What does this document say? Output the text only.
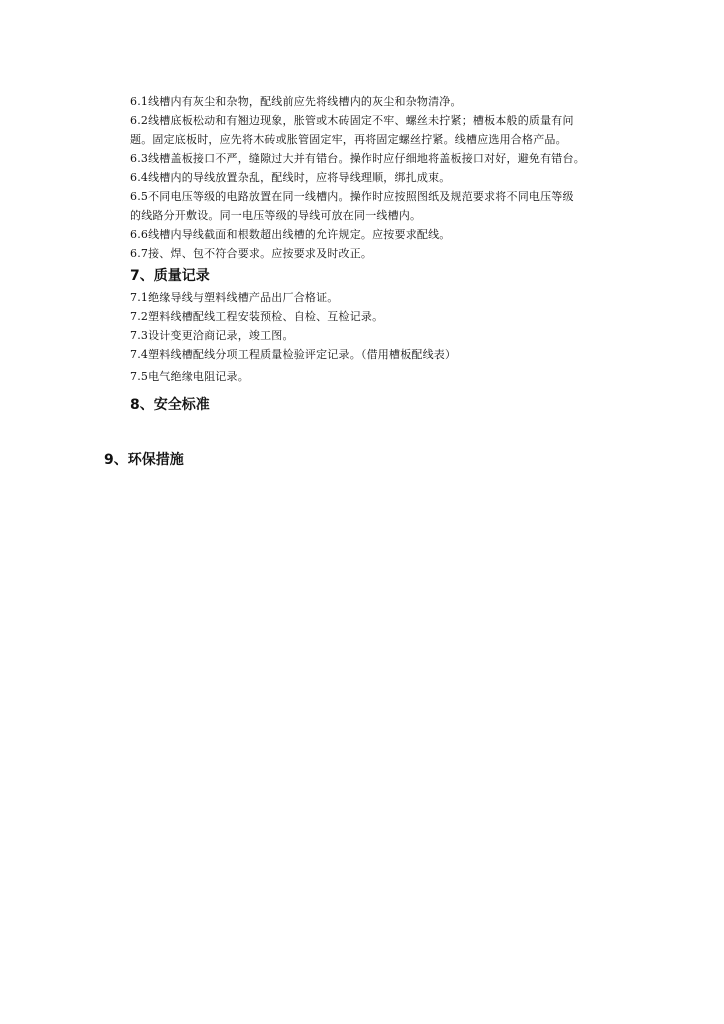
6.1线槽内有灰尘和杂物，配线前应先将线槽内的灰尘和杂物清净。
6.2线槽底板松动和有翘边现象，胀管或木砖固定不牢、螺丝未拧紧；槽板本般的质量有问
题。固定底板时，应先将木砖或胀管固定牢，再将固定螺丝拧紧。线槽应选用合格产品。
6.3线槽盖板接口不严，缝隙过大并有错台。操作时应仔细地将盖板接口对好，避免有错台。
6.4线槽内的导线放置杂乱，配线时，应将导线理顺，绑扎成束。
6.5不同电压等级的电路放置在同一线槽内。操作时应按照图纸及规范要求将不同电压等级
的线路分开敷设。同一电压等级的导线可放在同一线槽内。
6.6线槽内导线截面和根数超出线槽的允许规定。应按要求配线。
6.7接、焊、包不符合要求。应按要求及时改正。
7、质量记录
7.1绝缘导线与塑料线槽产品出厂合格证。
7.2塑料线槽配线工程安装预检、自检、互检记录。
7.3设计变更洽商记录，竣工图。
7.4塑料线槽配线分项工程质量检验评定记录。（借用槽板配线表）
7.5电气绝缘电阻记录。
8、安全标准
9、环保措施
